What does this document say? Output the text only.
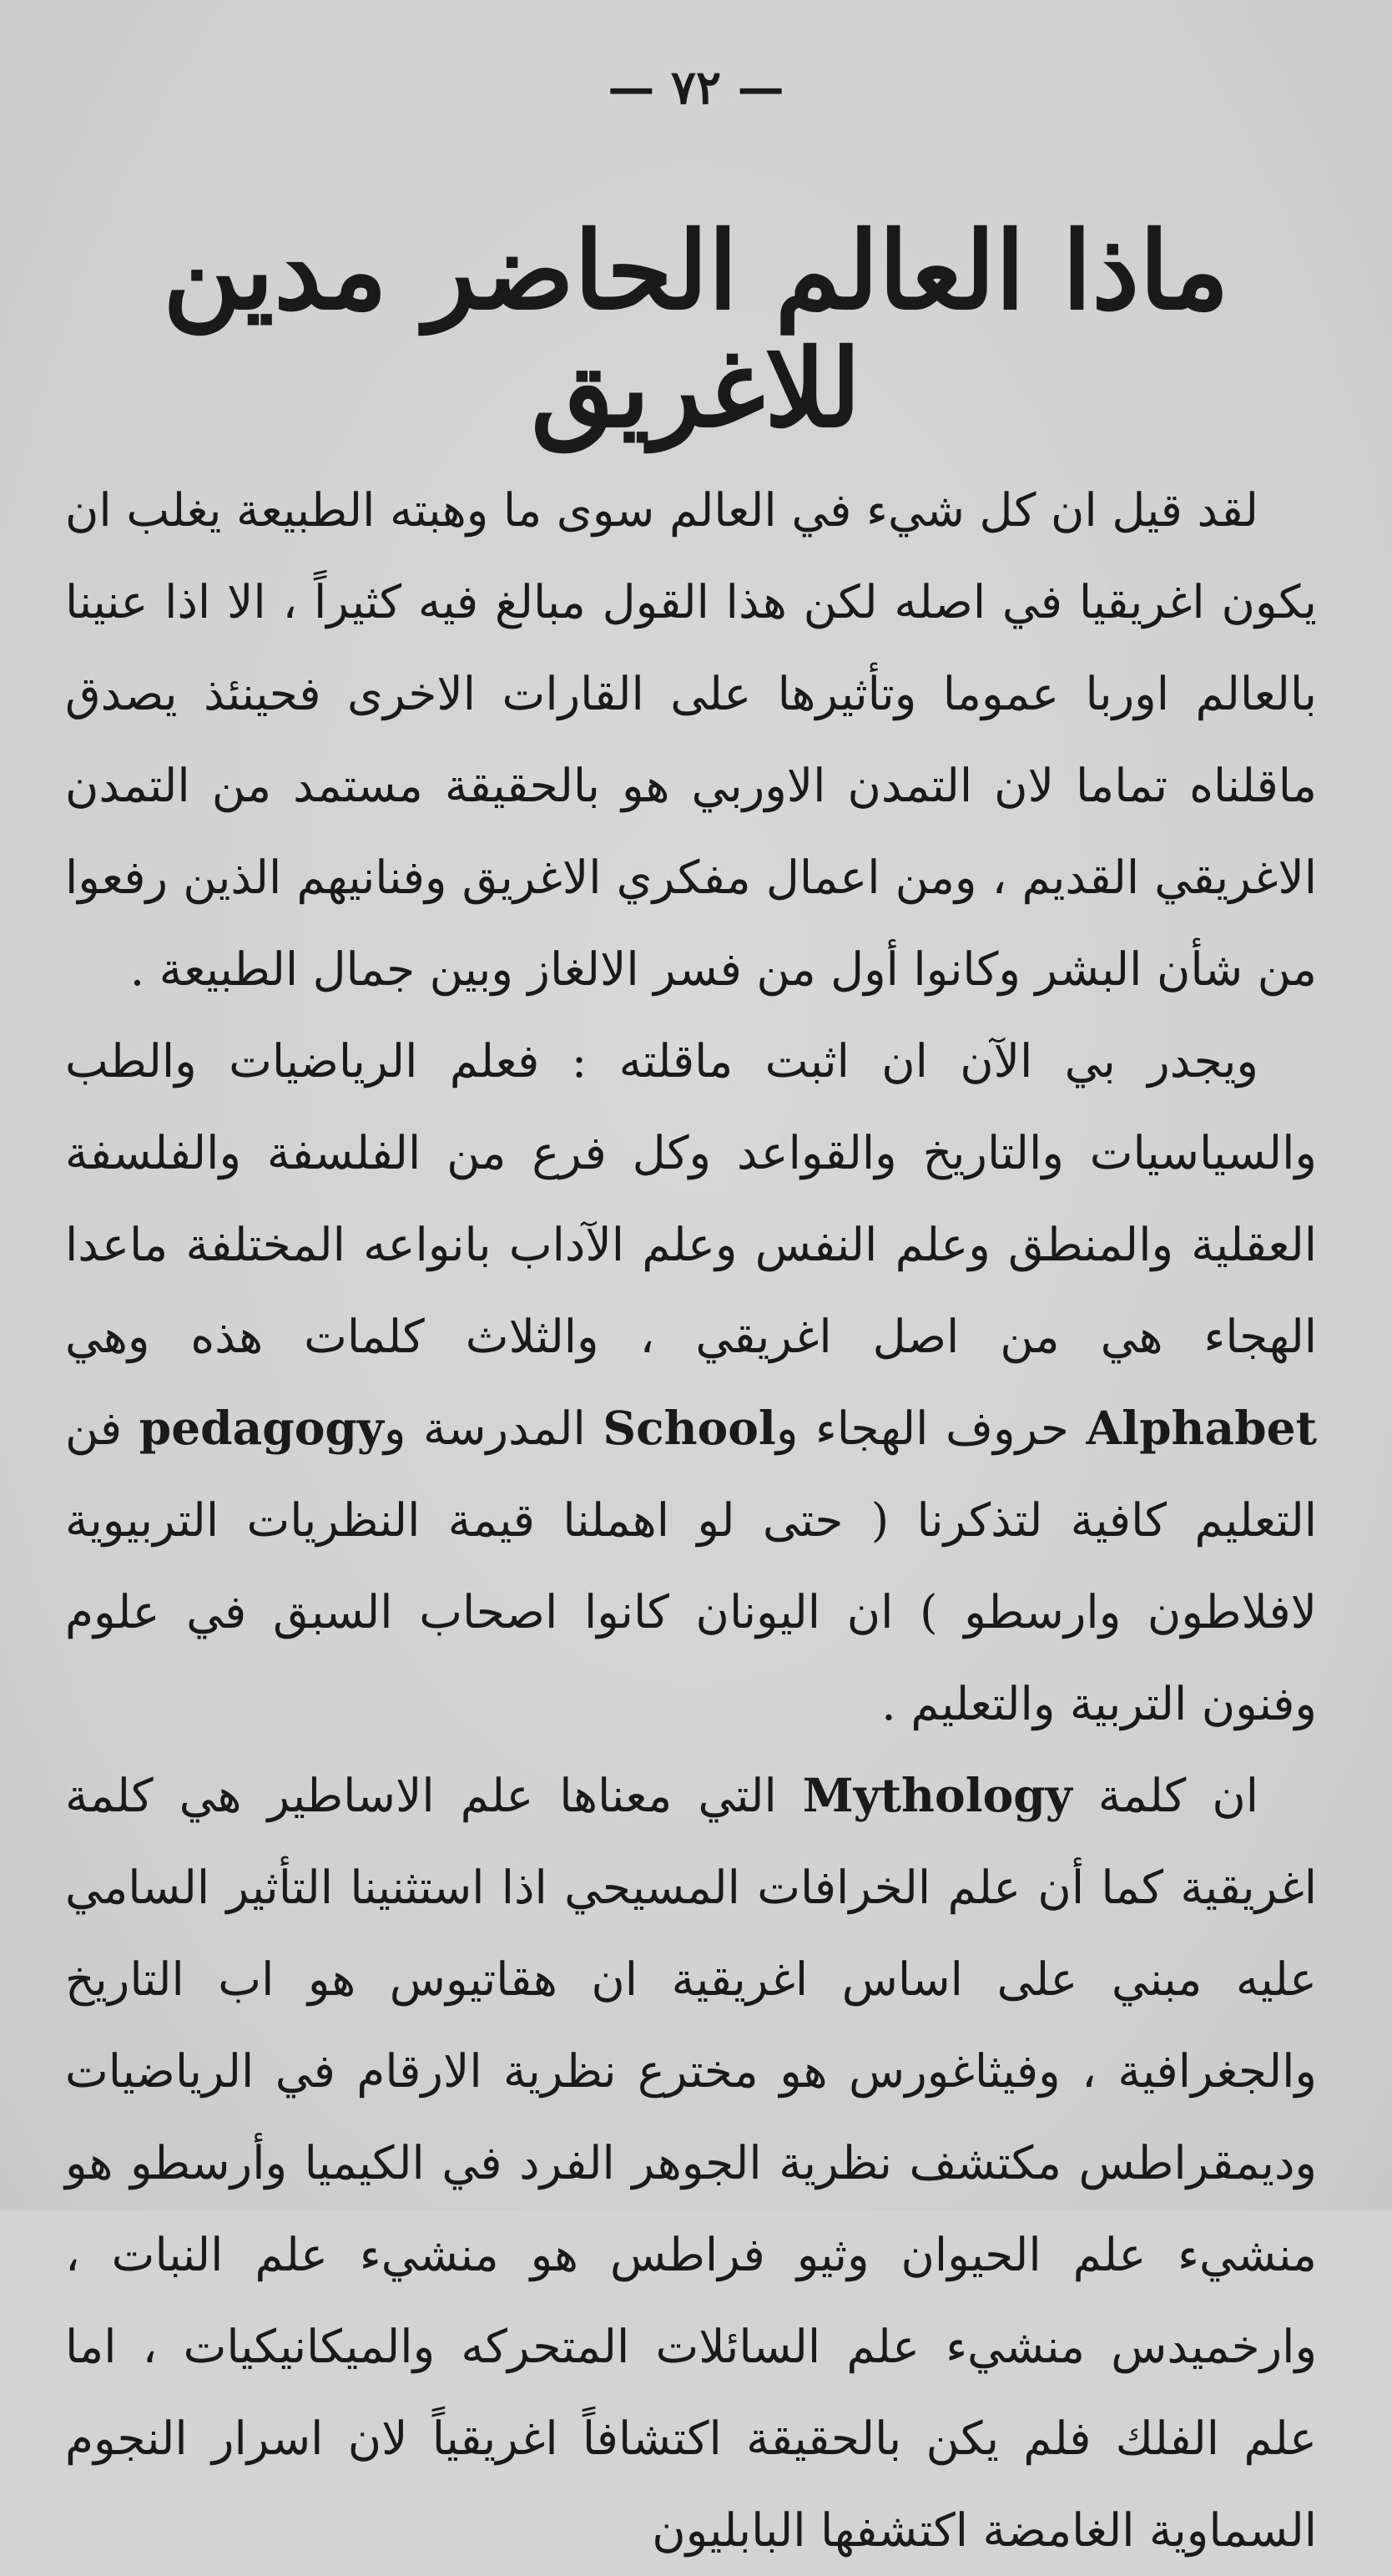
— ٧٢ —
ماذا العالم الحاضر مدين للاغريق

لقد قيل ان كل شيء في العالم سوى ما وهبته الطبيعة يغلب ان يكون اغريقيا في اصله لكن هذا القول مبالغ فيه كثيراً ، الا اذا عنينا بالعالم اوربا عموما وتأثيرها على القارات الاخرى فحينئذ يصدق ماقلناه تماما لان التمدن الاوربي هو بالحقيقة مستمد من التمدن الاغريقي القديم ، ومن اعمال مفكري الاغريق وفنانيهم الذين رفعوا من شأن البشر وكانوا أول من فسر الالغاز وبين جمال الطبيعة .

ويجدر بي الآن ان اثبت ماقلته : فعلم الرياضيات والطب والسياسيات والتاريخ والقواعد وكل فرع من الفلسفة والفلسفة العقلية والمنطق وعلم النفس وعلم الآداب بانواعه المختلفة ماعدا الهجاء هي من اصل اغريقي ، والثلاث كلمات هذه وهي Alphabet حروف الهجاء وSchool المدرسة وpedagogy فن التعليم كافية لتذكرنا ( حتى لو اهملنا قيمة النظريات التربيوية لافلاطون وارسطو ) ان اليونان كانوا اصحاب السبق في علوم وفنون التربية والتعليم .

ان كلمة Mythology التي معناها علم الاساطير هي كلمة اغريقية كما أن علم الخرافات المسيحي اذا استثنينا التأثير السامي عليه مبني على اساس اغريقية ان هقاتيوس هو اب التاريخ والجغرافية ، وفيثاغورس هو مخترع نظرية الارقام في الرياضيات وديمقراطس مكتشف نظرية الجوهر الفرد في الكيميا وأرسطو هو منشيء علم الحيوان وثيو فراطس هو منشيء علم النبات ، وارخميدس منشيء علم السائلات المتحركه والميكانيكيات ، اما علم الفلك فلم يكن بالحقيقة اكتشافاً اغريقياً لان اسرار النجوم السماوية الغامضة اكتشفها البابليون
